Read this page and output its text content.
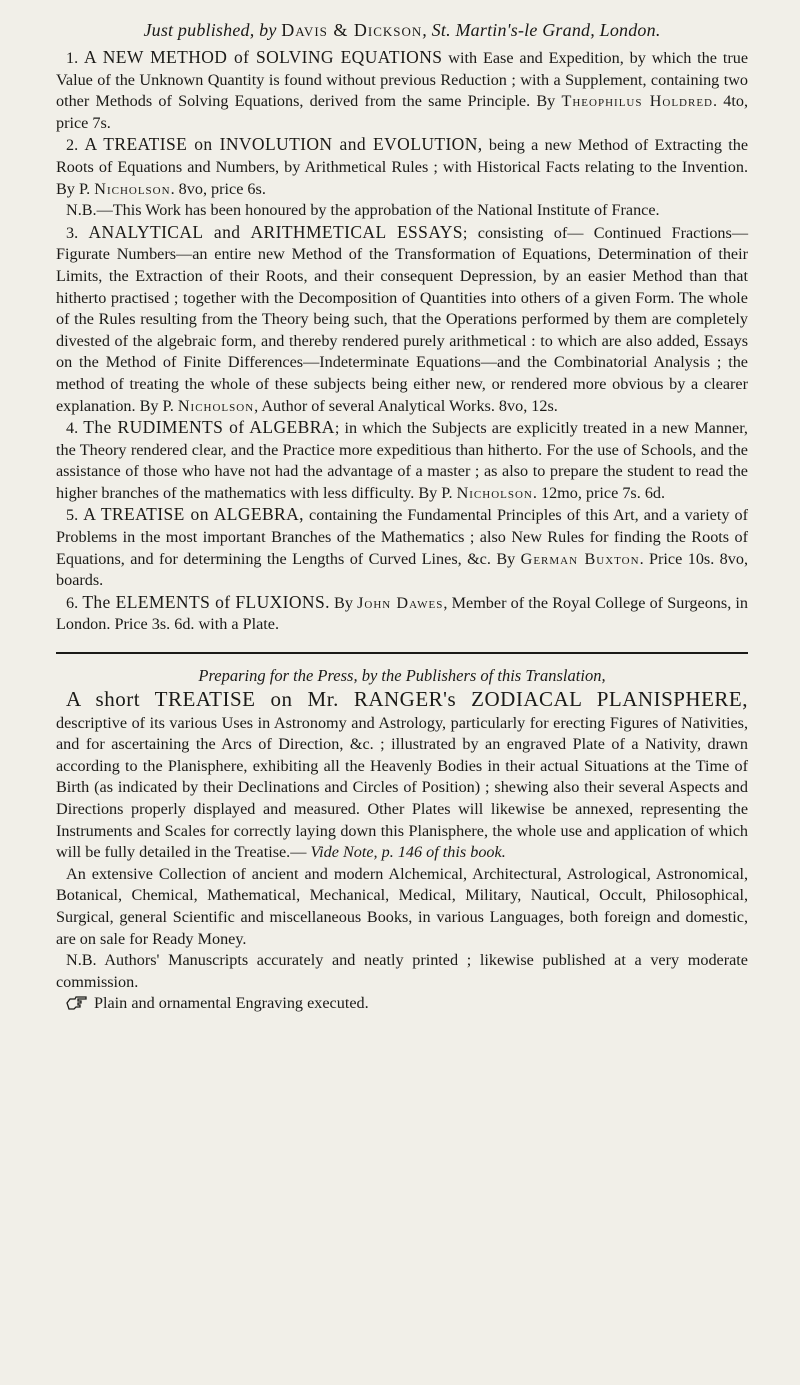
Just published, by Davis & Dickson, St. Martin's-le Grand, London.

1. A NEW METHOD of SOLVING EQUATIONS with Ease and Expedition, by which the true Value of the Unknown Quantity is found without previous Reduction ; with a Supplement, containing two other Methods of Solving Equations, derived from the same Principle. By Theophilus Holdred. 4to, price 7s.

2. A TREATISE on INVOLUTION and EVOLUTION, being a new Method of Extracting the Roots of Equations and Numbers, by Arithmetical Rules ; with Historical Facts relating to the Invention. By P. Nicholson. 8vo, price 6s.

N.B.—This Work has been honoured by the approbation of the National Institute of France.

3. ANALYTICAL and ARITHMETICAL ESSAYS; consisting of— Continued Fractions—Figurate Numbers—an entire new Method of the Transformation of Equations, Determination of their Limits, the Extraction of their Roots, and their consequent Depression, by an easier Method than that hitherto practised ; together with the Decomposition of Quantities into others of a given Form. The whole of the Rules resulting from the Theory being such, that the Operations performed by them are completely divested of the algebraic form, and thereby rendered purely arithmetical : to which are also added, Essays on the Method of Finite Differences—Indeterminate Equations—and the Combinatorial Analysis ; the method of treating the whole of these subjects being either new, or rendered more obvious by a clearer explanation. By P. Nicholson, Author of several Analytical Works. 8vo, 12s.

4. The RUDIMENTS of ALGEBRA; in which the Subjects are explicitly treated in a new Manner, the Theory rendered clear, and the Practice more expeditious than hitherto. For the use of Schools, and the assistance of those who have not had the advantage of a master ; as also to prepare the student to read the higher branches of the mathematics with less difficulty. By P. Nicholson. 12mo, price 7s. 6d.

5. A TREATISE on ALGEBRA, containing the Fundamental Principles of this Art, and a variety of Problems in the most important Branches of the Mathematics ; also New Rules for finding the Roots of Equations, and for determining the Lengths of Curved Lines, &c. By German Buxton. Price 10s. 8vo, boards.

6. The ELEMENTS of FLUXIONS. By John Dawes, Member of the Royal College of Surgeons, in London. Price 3s. 6d. with a Plate.

Preparing for the Press, by the Publishers of this Translation,

A short TREATISE on Mr. RANGER's ZODIACAL PLANISPHERE, descriptive of its various Uses in Astronomy and Astrology, particularly for erecting Figures of Nativities, and for ascertaining the Arcs of Direction, &c. ; illustrated by an engraved Plate of a Nativity, drawn according to the Planisphere, exhibiting all the Heavenly Bodies in their actual Situations at the Time of Birth (as indicated by their Declinations and Circles of Position) ; shewing also their several Aspects and Directions properly displayed and measured. Other Plates will likewise be annexed, representing the Instruments and Scales for correctly laying down this Planisphere, the whole use and application of which will be fully detailed in the Treatise.— Vide Note, p. 146 of this book.

An extensive Collection of ancient and modern Alchemical, Architectural, Astrological, Astronomical, Botanical, Chemical, Mathematical, Mechanical, Medical, Military, Nautical, Occult, Philosophical, Surgical, general Scientific and miscellaneous Books, in various Languages, both foreign and domestic, are on sale for Ready Money.

N.B. Authors' Manuscripts accurately and neatly printed ; likewise published at a very moderate commission.

Plain and ornamental Engraving executed.
